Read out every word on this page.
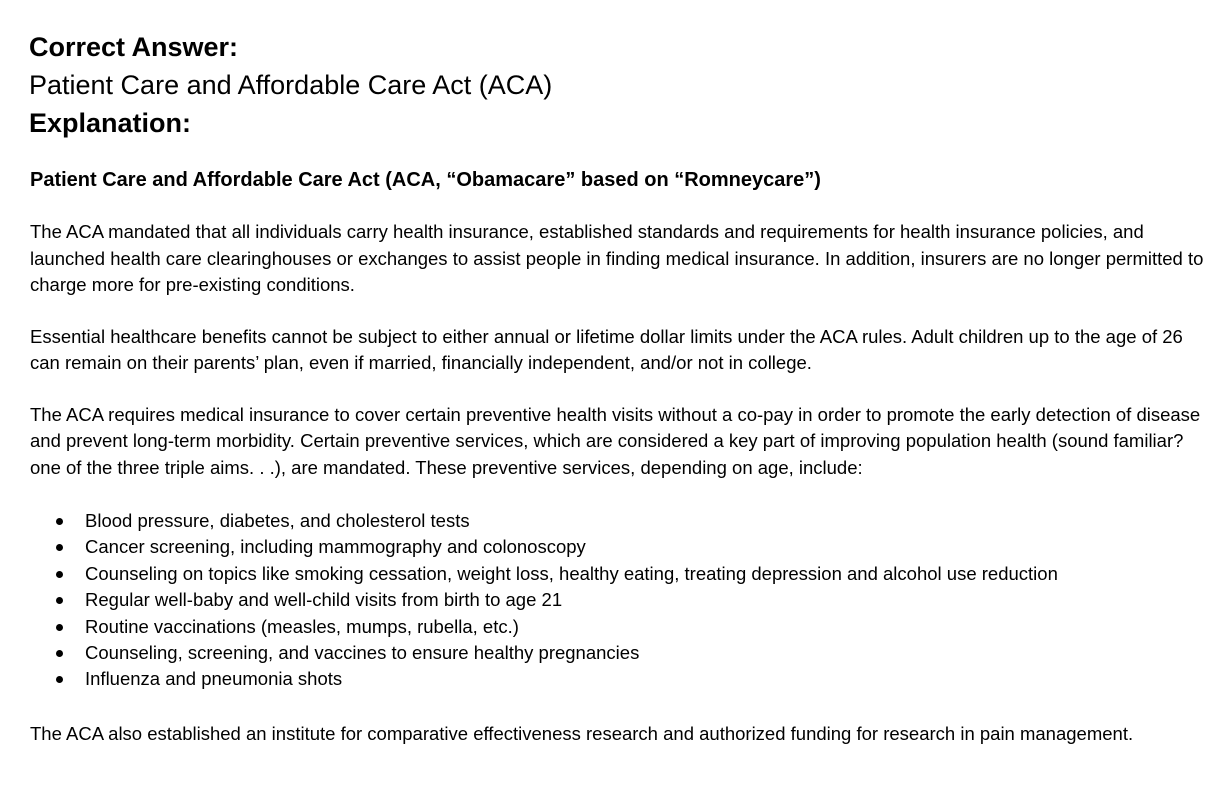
Correct Answer:

Patient Care and Affordable Care Act (ACA)

Explanation:

Patient Care and Affordable Care Act (ACA, “Obamacare” based on “Romneycare”)

The ACA mandated that all individuals carry health insurance, established standards and requirements for health insurance policies, and launched health care clearinghouses or exchanges to assist people in finding medical insurance. In addition, insurers are no longer permitted to charge more for pre-existing conditions.

Essential healthcare benefits cannot be subject to either annual or lifetime dollar limits under the ACA rules. Adult children up to the age of 26 can remain on their parents’ plan, even if married, financially independent, and/or not in college.

The ACA requires medical insurance to cover certain preventive health visits without a co-pay in order to promote the early detection of disease and prevent long-term morbidity. Certain preventive services, which are considered a key part of improving population health (sound familiar? one of the three triple aims. . .), are mandated. These preventive services, depending on age, include:

Blood pressure, diabetes, and cholesterol tests
Cancer screening, including mammography and colonoscopy
Counseling on topics like smoking cessation, weight loss, healthy eating, treating depression and alcohol use reduction
Regular well-baby and well-child visits from birth to age 21
Routine vaccinations (measles, mumps, rubella, etc.)
Counseling, screening, and vaccines to ensure healthy pregnancies
Influenza and pneumonia shots

The ACA also established an institute for comparative effectiveness research and authorized funding for research in pain management.
